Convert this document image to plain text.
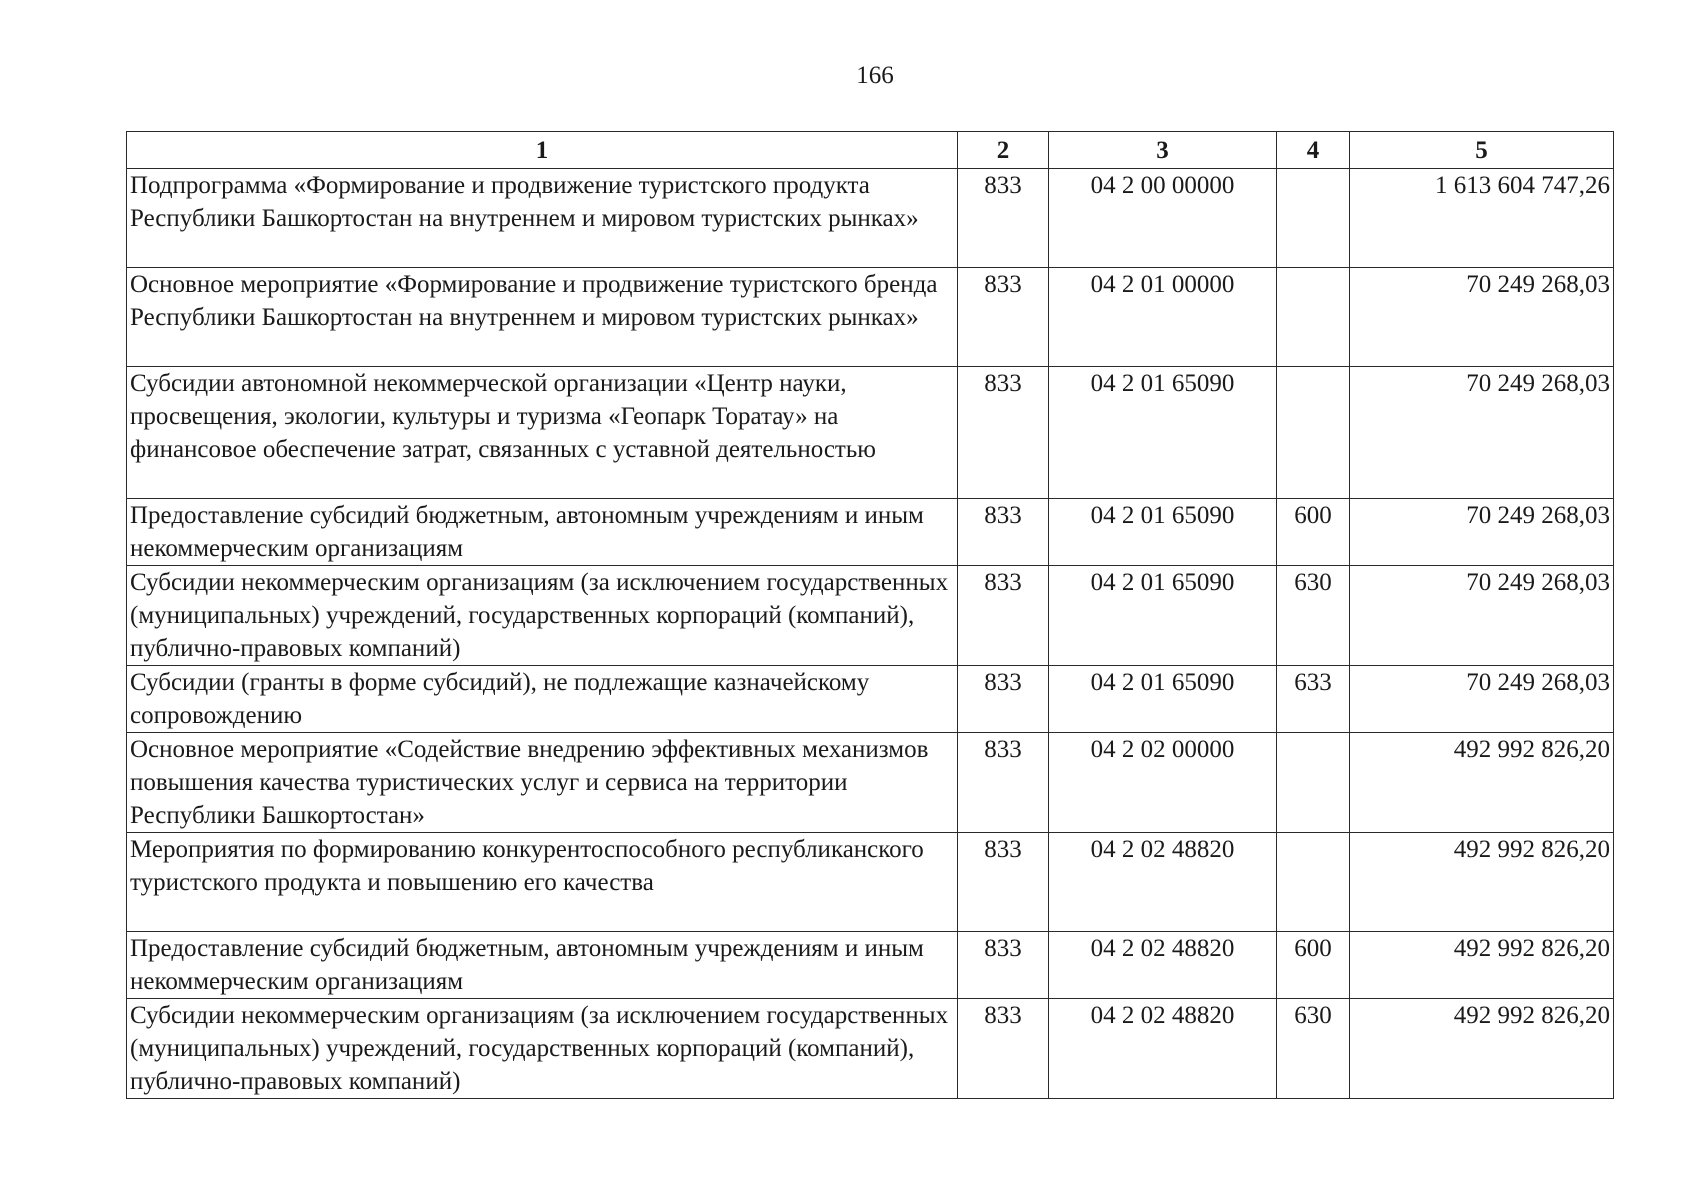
166
1	2	3	4	5
Подпрограмма «Формирование и продвижение туристского продукта Республики Башкортостан на внутреннем и мировом туристских рынках»	833	04 2 00 00000		1 613 604 747,26
Основное мероприятие «Формирование и продвижение туристского бренда Республики Башкортостан на внутреннем и мировом туристских рынках»	833	04 2 01 00000		70 249 268,03
Субсидии автономной некоммерческой организации «Центр науки, просвещения, экологии, культуры и туризма «Геопарк Торатау» на финансовое обеспечение затрат, связанных с уставной деятельностью	833	04 2 01 65090		70 249 268,03
Предоставление субсидий бюджетным, автономным учреждениям и иным некоммерческим организациям	833	04 2 01 65090	600	70 249 268,03
Субсидии некоммерческим организациям (за исключением государственных (муниципальных) учреждений, государственных корпораций (компаний), публично-правовых компаний)	833	04 2 01 65090	630	70 249 268,03
Субсидии (гранты в форме субсидий), не подлежащие казначейскому сопровождению	833	04 2 01 65090	633	70 249 268,03
Основное мероприятие «Содействие внедрению эффективных механизмов повышения качества туристических услуг и сервиса на территории Республики Башкортостан»	833	04 2 02 00000		492 992 826,20
Мероприятия по формированию конкурентоспособного республиканского туристского продукта и повышению его качества	833	04 2 02 48820		492 992 826,20
Предоставление субсидий бюджетным, автономным учреждениям и иным некоммерческим организациям	833	04 2 02 48820	600	492 992 826,20
Субсидии некоммерческим организациям (за исключением государственных (муниципальных) учреждений, государственных корпораций (компаний), публично-правовых компаний)	833	04 2 02 48820	630	492 992 826,20
